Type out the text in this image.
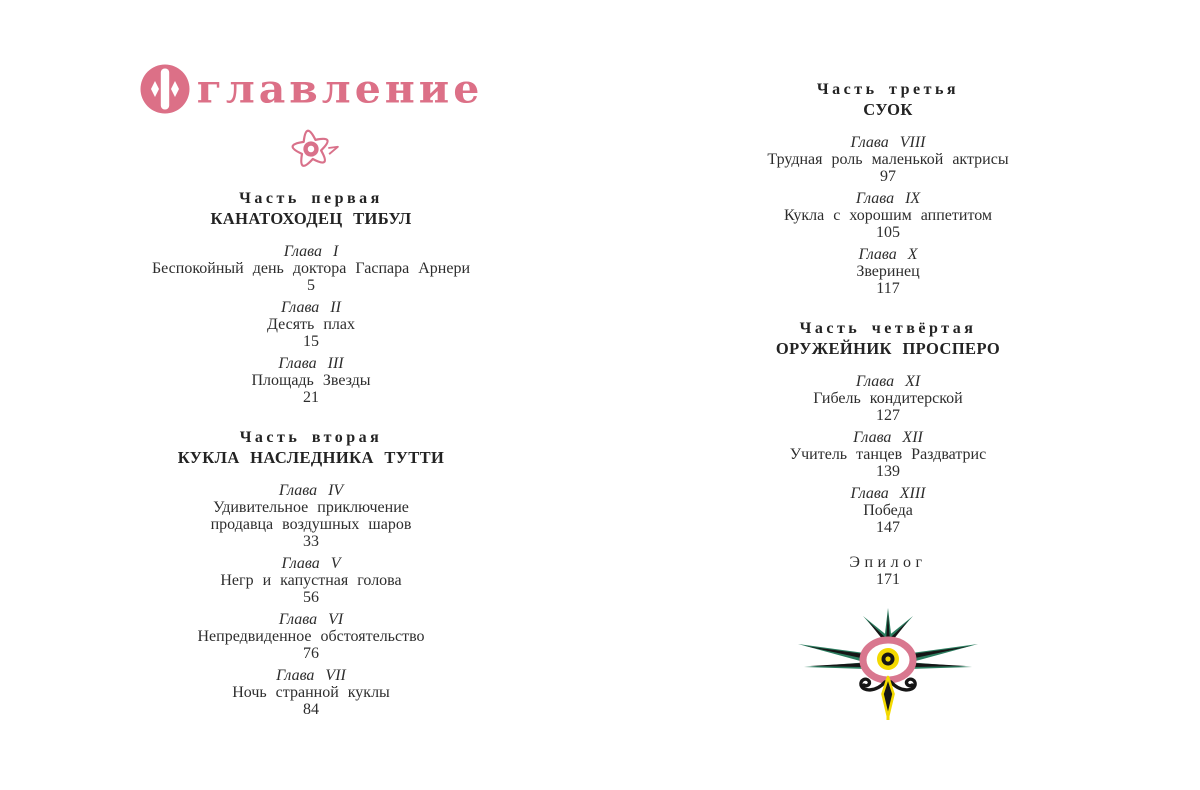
главление
Часть первая
КАНАТОХОДЕЦ ТИБУЛ
Глава I
Беспокойный день доктора Гаспара Арнери
5
Глава II
Десять плах
15
Глава III
Площадь Звезды
21
Часть вторая
КУКЛА НАСЛЕДНИКА ТУТТИ
Глава IV
Удивительное приключение
продавца воздушных шаров
33
Глава V
Негр и капустная голова
56
Глава VI
Непредвиденное обстоятельство
76
Глава VII
Ночь странной куклы
84
Часть третья
СУОК
Глава VIII
Трудная роль маленькой актрисы
97
Глава IX
Кукла с хорошим аппетитом
105
Глава X
Зверинец
117
Часть четвёртая
ОРУЖЕЙНИК ПРОСПЕРО
Глава XI
Гибель кондитерской
127
Глава XII
Учитель танцев Раздватрис
139
Глава XIII
Победа
147
Эпилог
171
